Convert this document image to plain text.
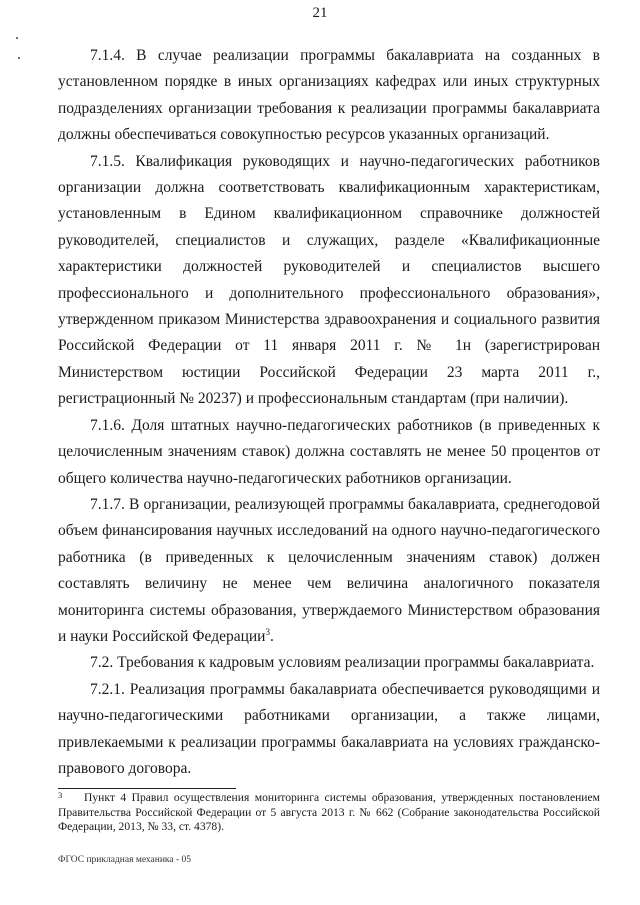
21

7.1.4. В случае реализации программы бакалавриата на созданных в установленном порядке в иных организациях кафедрах или иных структурных подразделениях организации требования к реализации программы бакалавриата должны обеспечиваться совокупностью ресурсов указанных организаций.

7.1.5. Квалификация руководящих и научно-педагогических работников организации должна соответствовать квалификационным характеристикам, установленным в Едином квалификационном справочнике должностей руководителей, специалистов и служащих, разделе «Квалификационные характеристики должностей руководителей и специалистов высшего профессионального и дополнительного профессионального образования», утвержденном приказом Министерства здравоохранения и социального развития Российской Федерации от 11 января 2011 г. № 1н (зарегистрирован Министерством юстиции Российской Федерации 23 марта 2011 г., регистрационный № 20237) и профессиональным стандартам (при наличии).

7.1.6. Доля штатных научно-педагогических работников (в приведенных к целочисленным значениям ставок) должна составлять не менее 50 процентов от общего количества научно-педагогических работников организации.

7.1.7. В организации, реализующей программы бакалавриата, среднегодовой объем финансирования научных исследований на одного научно-педагогического работника (в приведенных к целочисленным значениям ставок) должен составлять величину не менее чем величина аналогичного показателя мониторинга системы образования, утверждаемого Министерством образования и науки Российской Федерации$^3$.

7.2. Требования к кадровым условиям реализации программы бакалавриата.

7.2.1. Реализация программы бакалавриата обеспечивается руководящими и научно-педагогическими работниками организации, а также лицами, привлекаемыми к реализации программы бакалавриата на условиях гражданско-правового договора.

3	Пункт 4 Правил осуществления мониторинга системы образования, утвержденных постановлением Правительства Российской Федерации от 5 августа 2013 г. № 662 (Собрание законодательства Российской Федерации, 2013, № 33, ст. 4378).

ФГОС прикладная механика - 05
